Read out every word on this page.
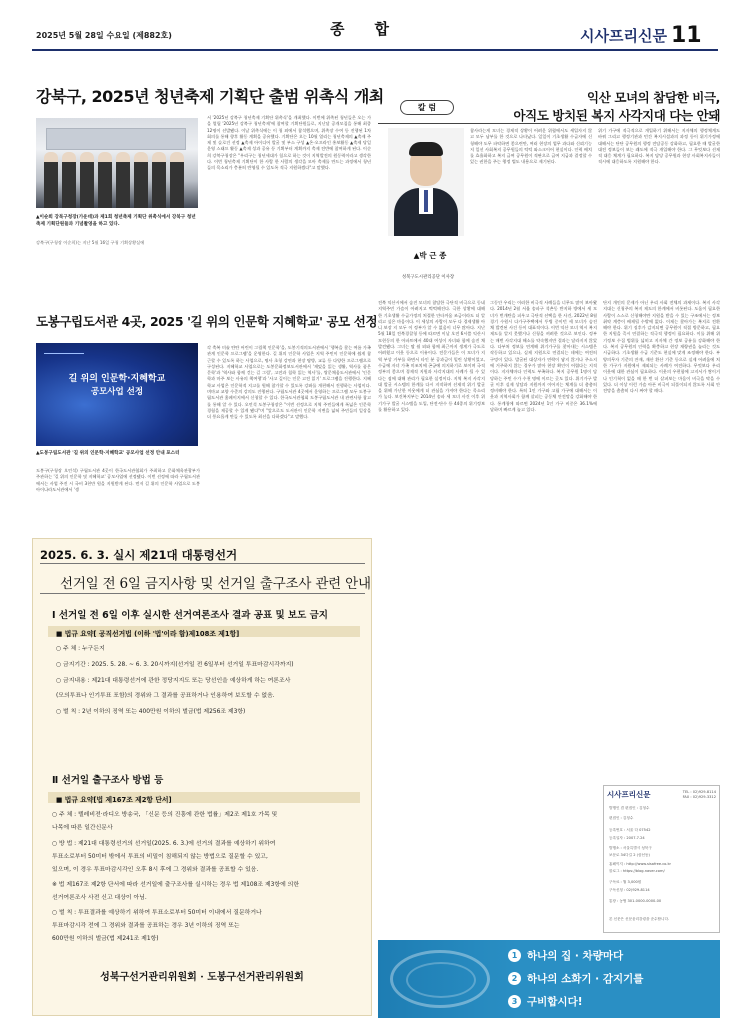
2025년 5월 28일 수요일 (제882호)	종합	시사프리신문 11
강북구, 2025년 청년축제 기획단 출범 위촉식 개최
▲이순희 강북구청장(가운데)과 제1회 청년축제 기획단 위촉식에서 강북구 청년축제 기획단원들과 기념촬영을 하고 있다.
강북구(구청장 이순희)는 지난 5월 16일 구청 기획상황실에
서 '2025년 강북구 청년축제 기획단 위촉식'을 개최했다. 이번에 위촉된 청년들은 오는 가을 열릴 '2025년 강북구 청년축제'에 참여할 기획단원들로, 지난달 공개모집을 통해 최종 12명이 선발됐다. 이날 위촉식에는 이 청 외에서 참석했으며, 위촉장 수여 등 진행된 1차 회의를 통해 향후 활동 계획을 공유했다. 기획단은 오는 10월 열리는 청년축제의 ▲축제 주제 및 슬로건 선정 ▲축제 아이디어 발굴 및 부스 구성 ▲온·오프라인 홍보활동 ▲축제 당일 운영 스태프 활동 ▲축제 성과 공유 등 기획부터 계획까지 축제 전반에 참여하게 된다. 이순희 강북구청장은 "우리구는 청년세대가 힘으로 하는 것이 지역발전의 원동력이라고 생각한다. 이번 청년축제 기획단이 한 사람 한 사람의 생각을 모아 축제를 만드는 과정에서 청년들의 목소리가 충분히 반영될 수 있도록 적극 지원하겠다"고 말했다.
도봉구립도서관 4곳, 2025 '길 위의 인문학 지혜학교' 공모 선정
길 위의 인문학·지혜학교
공모사업 선정
▲도봉구립도서관 '길 위의 인문학·지혜학교' 공모사업 선정 안내 포스터
도봉구(구청장 오언석) 구립도서관 4곳이 한국도서관협회가 주최하고 문화체육관광부가 주관하는 '길 위의 인문학 및 지혜학교' 공모사업에 선정됐다. 이번 선정에 따라 구립도서관에서는 사업 주진 시 국비 3천만 원을 지원받게 된다. 먼저 길 위의 인문학 사업으로 도봉아이나라도서관에서 '생
각 축복 미술 탄탄 어린이 그림책 인문학'을, 도봉기적의도서관에서 '행복을 찾는 여름 가족 관계 인문학 프로그램'을 운영한다. 길 위의 인문학 사업은 지역 주민이 인문학에 쉽게 참근할 수 있도록 하는 사업으로, 명사 초청 강연과 현장 탐방, 교류 등 다양한 프로그램으로 구성된다. 지혜학교 사업으로는 도봉문화정보도서관에서 '재밌을 읽는 생활, 역사를 품은 문학'과 '역사와 함께 걷는 길 그림', 고전과 철학 읽는 역사'를, 쌍문채움도서관에서 '인문학과 마주 보는 사유의 책여행'과 '사고 깊이는 인문 고전 읽기' 프로그램을 진행한다. 지혜학교 사업은 인문학적 지고를 원해 참가할 수 있도록 강좌를 개편해서 진행하는 사업이다. 며마교 교양 수준의 강의도 진행된다. 구립도서관 4곳에서 운영하는 프로그램 모두 도봉구립도서관 홈페이지에서 신청할 수 있다. 한국도서관협회 도봉구립도서관 내 관련사항 참고를 통해 알 수 있다. 오언석 도봉구청장은 "이번 선정으로 지역 주민들에게 폭넓은 인문학 경험을 제공할 수 있게 됐다"며 "앞으로도 도서관이 인문학 저변을 넓혀 주민들의 일상을 더 풍요롭게 만들 수 있도록 최선을 다하겠다"고 말했다.
2025. 6. 3. 실시 제21대 대통령선거
선거일 전 6일 금지사항 및 선거일 출구조사 관련 안내
Ⅰ 선거일 전 6일 이후 실시한 선거여론조사 결과 공표 및 보도 금지
■ 법규 요약[ 공직선거법 (이하 '법'이라 함)제108조 제1항]
○ 주 체 : 누구든지
○ 금지기간 : 2025. 5. 28. ~ 6. 3. 20시까지(선거일 전 6일부터 선거일 투표마감시각까지)
○ 금지내용 : 제21대 대통령선거에 관한 정당지지도 또는 당선인을 예상하게 하는 여론조사
(모의투표나 인기투표 포함)의 경위와 그 결과를 공표하거나 인용하여 보도할 수 없음.
○ 벌 칙 : 2년 이하의 징역 또는 400만원 이하의 벌금(법 제256조 제3항)
Ⅱ 선거일 출구조사 방법 등
■ 법규 요약[법 제167조 제2항 단서]
○ 주 체 : 텔레비전·라디오 방송국, 「신문 등의 진흥에 관한 법률」제2조 제1호 가목 및
나목에 따른 일간신문사
○ 방 법 : 제21대 대통령선거의 선거일(2025. 6. 3.)에 선거의 결과를 예상하기 위하여
투표소로부터 50미터 밖에서 투표의 비밀이 침해되지 않는 방법으로 질문할 수 있고,
있으며, 이 경우 투표마감시각인 오후 8시 후에 그 경위와 결과를 공표할 수 있음.
※ 법 제167조 제2항 단서에 따라 선거일에 출구조사를 실시하는 경우 법 제108조 제3항에 의한
선거여론조사 사전 신고 대상이 아님.
○ 벌 칙 : 투표결과를 예상하기 위하여 투표소로부터 50미터 이내에서 질문하거나
투표마감시각 전에 그 경위와 결과를 공표하는 경우 3년 이하의 징역 또는
600만원 이하의 벌금(법 제241조 제1항)
성북구선거관리위원회 · 도봉구선거관리위원회
칼 럼
익산 모녀의 참담한 비극,
아직도 방치된 복지 사각지대 다는 안돼
▲박 근 종
성북구도시관리공단 이사장
참사라는게 모녀는 경제적 상황이 어려운 위협에서도 세입자지 않고 모두 남부를 한 것으로 나타났다. 일일이 기초생활 수급자에 신청해야 도무 파악하면 좋으련만, 여러 현장의 업무 과다와 신뢰기능 저 일선 사회복지 공무원들의 턱턱 와스크이어 현실이다. 인력 배치를 효율화하고 복지 급여 공무원이 적판으로 급여 지급과 결정할 수 있는 권한을 주는 행정 법도 내용으로 제기된다.
위기 가구에 적극적으로 개입하기 위해서는 지자체의 행정체계도 바꿔 그리고 행정기관과 민간 복지시설과의 과정 등이 위기가정에 대해서는 단단 공무원의 행정 전담공동 강화하고, 필요한 때 발굴한 대전 정보들이 보는 쾌도에 적극 개입해야 한다. 그 무엇보다 선제적 대응 체계가 필요하다. 복지 담당 공무원과 현장 사회복지사들이 적시에 대응하도록 지원해야 한다.
전북 익산시에서 숨진 모녀의 참담한 극단적 비극으로 동네지역주민 가슴이 아려지고 먹먹해진다. 극한 상황에 대해 한 기초생활 수급가정의 처절한 안타까움 조금이라도 더 알리고 싶은 마음이다. 이 세상의 사람이 모두 다 경제생활 아니 보장 지 모두 이 정부가 알 수 없음이 너무 많아다. 지난 5월 18일 전북경찰청 등에 따르면 이날 오전 6시쯤 익산시 모현동의 한 아파트에서 40대 여성이 자녀와 함께 숨진 채 발견됐다. 그녀는 딸 월 외와 함께 최근까지 생계가 극도로 어려웠고 이웃 등으로 이유이다. 전문가들은 이 모녀가 지역 부상 거부를 하면서 타인 분 공과금이 밀린 상황이었고, 수급에 자녀 가족 미조치에 곤궁에 의지하기로 보이며 국적 정부의 좋으며 경제적 지원과 사각지대의 사례가 될 수 있다는 점에 대해 관리가 필요한 실정이다. 지역 복지 사각지대 발굴 시스템의 한계를 다시 지적하며 선제적 위기 발굴을 위해 가난한 이웃에게 더 관심을 가져야 한다는 목소리가 높다. 보건복지부는 2014년 송파 세 모녀 사건 이후 위기가구 발굴 시스템을 도입, 단전·단수 등 44종의 위기정보를 활용하고 있다.
그동안 우리는 이러한 비극적 사례들을 너무도 많이 보아왔다. 2014년 2월 서울 송파구 석촌동 반지하 방에서 세 모녀가 번개탄을 피우고 극단적 선택을 한 사건, 2022년 8월 경기 수원시 다가구주택에서 투병 중이던 세 모녀가 숨진 채 발견된 사건 등이 대표적이다. 이번 익산 모녀 역시 복지 제도를 알지 못했거나 신청을 꺼려한 것으로 보인다. 정부는 매번 사각지대 해소를 약속했지만 결과는 달라지지 않았다. 다부처 정보를 연계해 위기가구를 찾아내는 시스템은 작동하고 있으나, 실제 지원으로 연결되는 데에는 여전히 구멍이 있다. 발굴된 대상자가 연락이 닿지 않거나 주소지에 거주하지 않는 경우가 많아 현장 확인이 어렵다는 지적이다. 지자체마다 인력도 부족하다. 복지 공무원 1명이 담당하는 주민 수가 수천 명에 이르는 곳도 있다. 위기가구 발굴 이후 실제 상담과 지원까지 이어지는 체계를 더 촘촘히 정비해야 한다. 특히 1인 가구와 고립 가구에 대해서는 이웃과 지역사회가 함께 살피는 공동체 안전망을 강화해야 한다. 통계청에 따르면 2024년 1인 가구 비중은 36.1%에 달하며 빠르게 늘고 있다.
단지 개인의 문제가 아닌 우리 사회 전체의 과제이다. 복지 사각지대는 신청주의 복지 제도의 한계에서 비롯된다. 도움이 필요한 사람이 스스로 신청해야만 지원을 받을 수 있는 구조에서는 정보 취약 계층이 배제될 수밖에 없다. 이제는 찾아가는 복지로 전환해야 한다. 위기 징후가 감지되면 공무원이 직접 방문하고, 필요한 지원을 즉시 연결하는 적극적 행정이 필요하다. 이를 위해 위기정보 수집 범위를 넓히고 지자체 간 정보 공유를 강화해야 한다. 복지 공무원의 인력을 확충하고 현장 재량권을 늘리는 것도 시급하다. 기초생활 수급 기준도 현실에 맞게 조정해야 한다. 부양의무자 기준의 잔재, 재산 환산 기준 등으로 실제 어려움에 처한 가구가 지원에서 제외되는 사례가 여전하다. 무엇보다 우리 이웃에 대한 관심이 필요하다. 이웃의 우편함에 고지서가 쌓이거나 인기척이 없을 때 한 번 더 살펴보는 마음이 비극을 막을 수 있다. 더 이상 이런 가슴 아픈 비극이 되풀이되지 않도록 사회 안전망을 촘촘히 다시 짜야 할 때다.
시사프리신문	TEL : 02)929-8114
FAX : 02)929-3312
발행인 겸 편집인 : 김청수
편집인 : 김청수
등록번호 : 서울 다 07542
등록일자 : 2007.7.24
발행소 : 서울특별시 성북구
보문로 34다길 2 (삼선동)
홈페이지 : http://www.sisafree.co.kr
블로그 : https://blog.naver.com/
구독료 : 월 3,000원
구독신청 : 02)929-8114
통장 : 농협 301-0000-0000-00
본 신문은 신문윤리강령을 준수합니다.
1 하나의 집 · 차량마다
2 하나의 소화기 · 감지기를
3 구비합시다!
